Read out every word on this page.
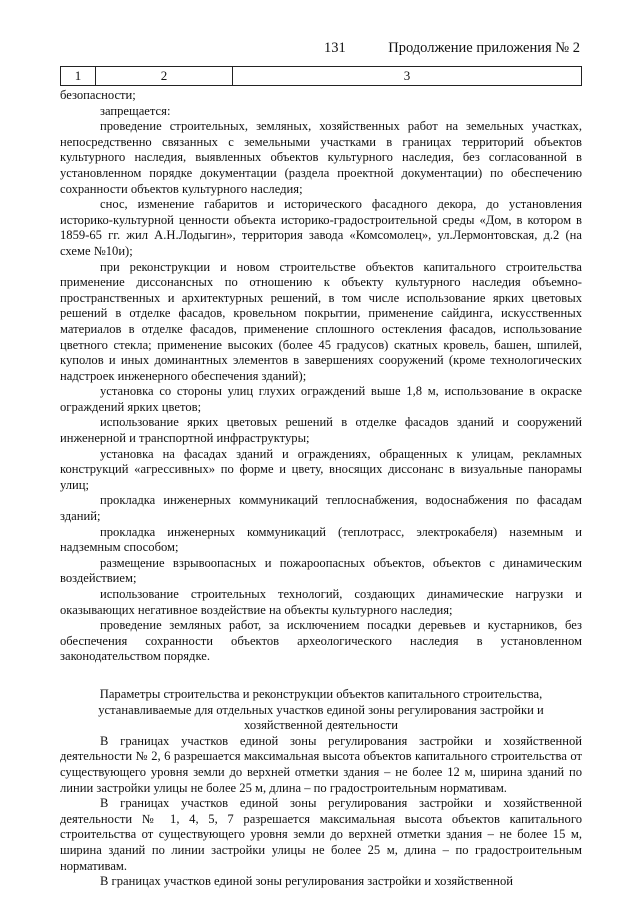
131	Продолжение приложения № 2
1	2	3

безопасности;

запрещается:

проведение строительных, земляных, хозяйственных работ на земельных участках, непосредственно связанных с земельными участками в границах территорий объектов культурного наследия, выявленных объектов культурного наследия, без согласованной в установленном порядке документации (раздела проектной документации) по обеспечению сохранности объектов культурного наследия;

снос, изменение габаритов и исторического фасадного декора, до установления историко-культурной ценности объекта историко-градостроительной среды «Дом, в котором в 1859-65 гг. жил А.Н.Лодыгин», территория завода «Комсомолец», ул.Лермонтовская, д.2 (на схеме №10и);

при реконструкции и новом строительстве объектов капитального строительства применение диссонансных по отношению к объекту культурного наследия объемно-пространственных и архитектурных решений, в том числе использование ярких цветовых решений в отделке фасадов, кровельном покрытии, применение сайдинга, искусственных материалов в отделке фасадов, применение сплошного остекления фасадов, использование цветного стекла; применение высоких (более 45 градусов) скатных кровель, башен, шпилей, куполов и иных доминантных элементов в завершениях сооружений (кроме технологических надстроек инженерного обеспечения зданий);

установка со стороны улиц глухих ограждений выше 1,8 м, использование в окраске ограждений ярких цветов;

использование ярких цветовых решений в отделке фасадов зданий и сооружений инженерной и транспортной инфраструктуры;

установка на фасадах зданий и ограждениях, обращенных к улицам, рекламных конструкций «агрессивных» по форме и цвету, вносящих диссонанс в визуальные панорамы улиц;

прокладка инженерных коммуникаций теплоснабжения, водоснабжения по фасадам зданий;

прокладка инженерных коммуникаций (теплотрасс, электрокабеля) наземным и надземным способом;

размещение взрывоопасных и пожароопасных объектов, объектов с динамическим воздействием;

использование строительных технологий, создающих динамические нагрузки и оказывающих негативное воздействие на объекты культурного наследия;

проведение земляных работ, за исключением посадки деревьев и кустарников, без обеспечения сохранности объектов археологического наследия в установленном законодательством порядке.

Параметры строительства и реконструкции объектов капитального строительства, устанавливаемые для отдельных участков единой зоны регулирования застройки и хозяйственной деятельности

В границах участков единой зоны регулирования застройки и хозяйственной деятельности № 2, 6 разрешается максимальная высота объектов капитального строительства от существующего уровня земли до верхней отметки здания – не более 12 м, ширина зданий по линии застройки улицы не более 25 м, длина – по градостроительным нормативам.

В границах участков единой зоны регулирования застройки и хозяйственной деятельности № 1, 4, 5, 7 разрешается максимальная высота объектов капитального строительства от существующего уровня земли до верхней отметки здания – не более 15 м, ширина зданий по линии застройки улицы не более 25 м, длина – по градостроительным нормативам.

В границах участков единой зоны регулирования застройки и хозяйственной
